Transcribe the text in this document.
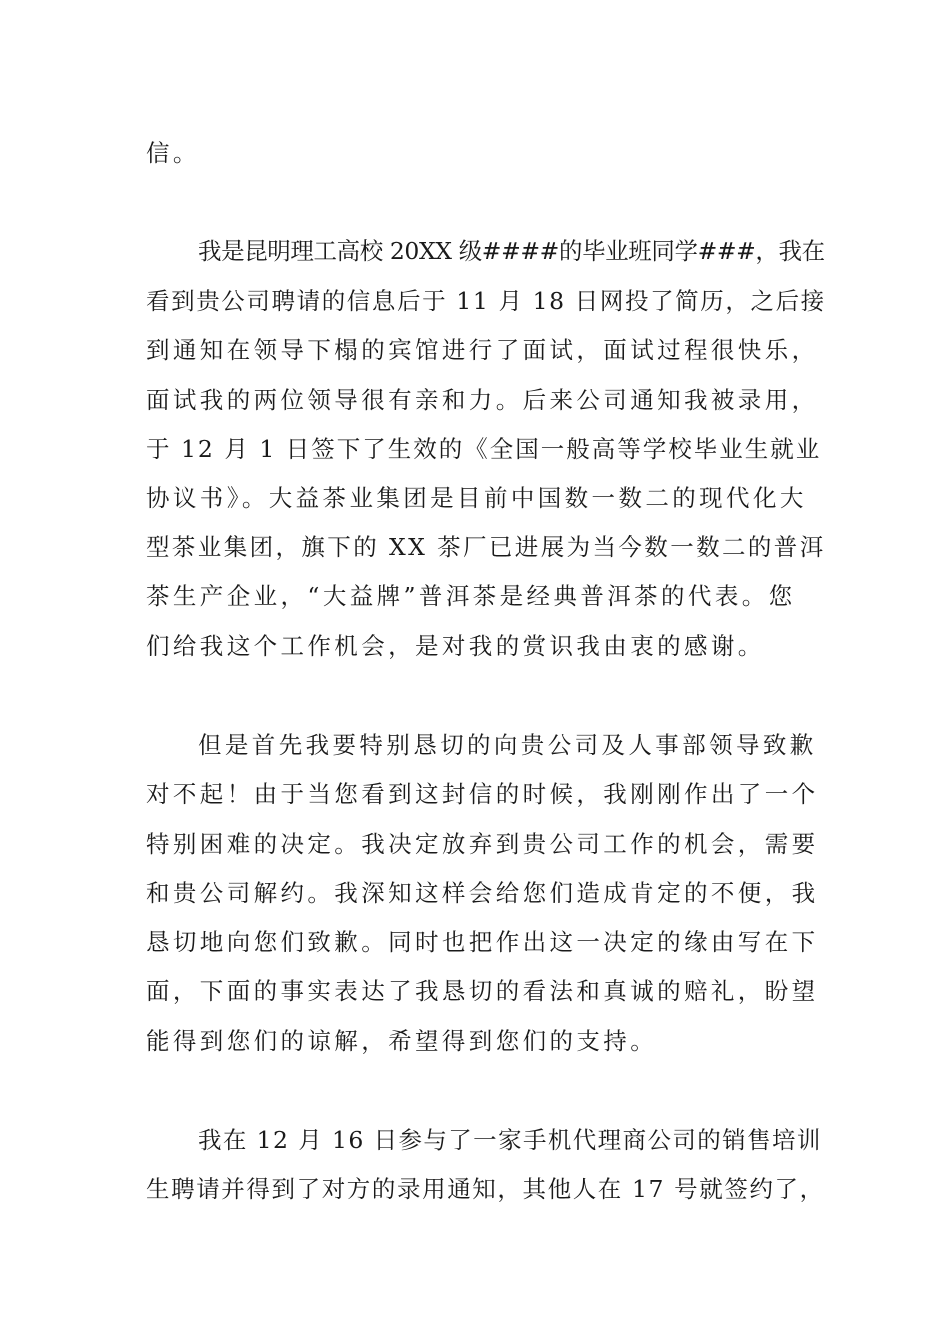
信。
我是昆明理工高校 20XX 级####的毕业班同学###，我在
看到贵公司聘请的信息后于 11 月 18 日网投了简历，之后接
到通知在领导下榻的宾馆进行了面试，面试过程很快乐，
面试我的两位领导很有亲和力。后来公司通知我被录用，
于 12 月 1 日签下了生效的《全国一般高等学校毕业生就业
协议书》。大益茶业集团是目前中国数一数二的现代化大
型茶业集团，旗下的 XX 茶厂已进展为当今数一数二的普洱
茶生产企业，“大益牌”普洱茶是经典普洱茶的代表。您
们给我这个工作机会，是对我的赏识我由衷的感谢。
但是首先我要特别恳切的向贵公司及人事部领导致歉
对不起！由于当您看到这封信的时候，我刚刚作出了一个
特别困难的决定。我决定放弃到贵公司工作的机会，需要
和贵公司解约。我深知这样会给您们造成肯定的不便，我
恳切地向您们致歉。同时也把作出这一决定的缘由写在下
面，下面的事实表达了我恳切的看法和真诚的赔礼，盼望
能得到您们的谅解，希望得到您们的支持。
我在 12 月 16 日参与了一家手机代理商公司的销售培训
生聘请并得到了对方的录用通知，其他人在 17 号就签约了，
